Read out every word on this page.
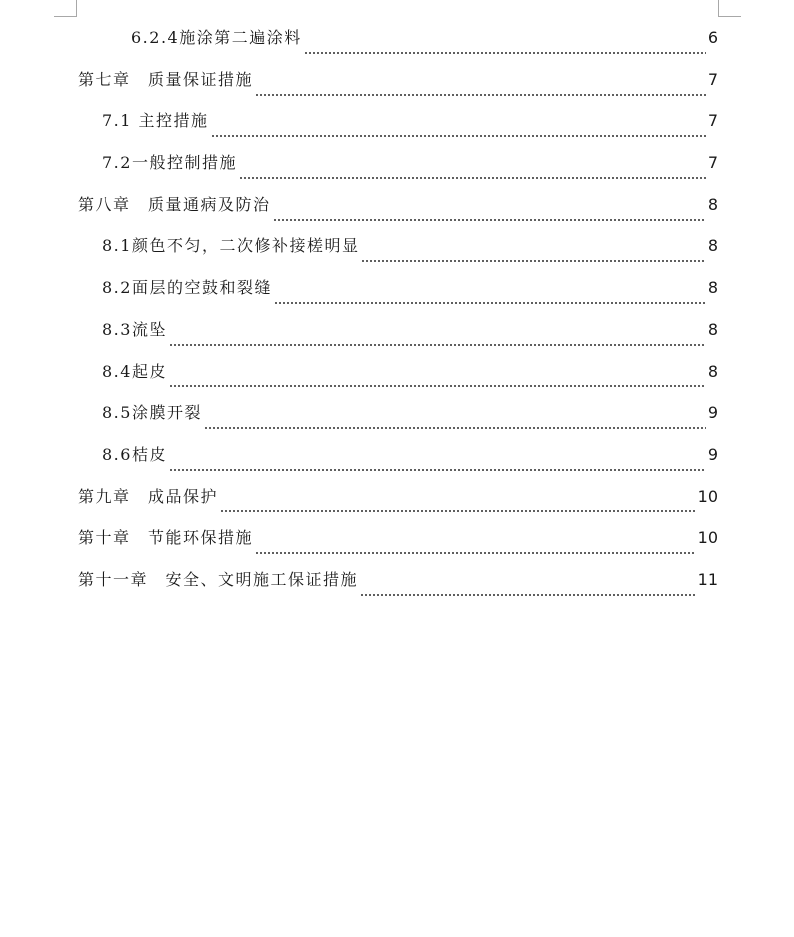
6.2.4施涂第二遍涂料	6
第七章　质量保证措施	7
7.1 主控措施	7
7.2一般控制措施	7
第八章　质量通病及防治	8
8.1颜色不匀，二次修补接槎明显	8
8.2面层的空鼓和裂缝	8
8.3流坠	8
8.4起皮	8
8.5涂膜开裂	9
8.6桔皮	9
第九章　成品保护	10
第十章　节能环保措施	10
第十一章　安全、文明施工保证措施	11
